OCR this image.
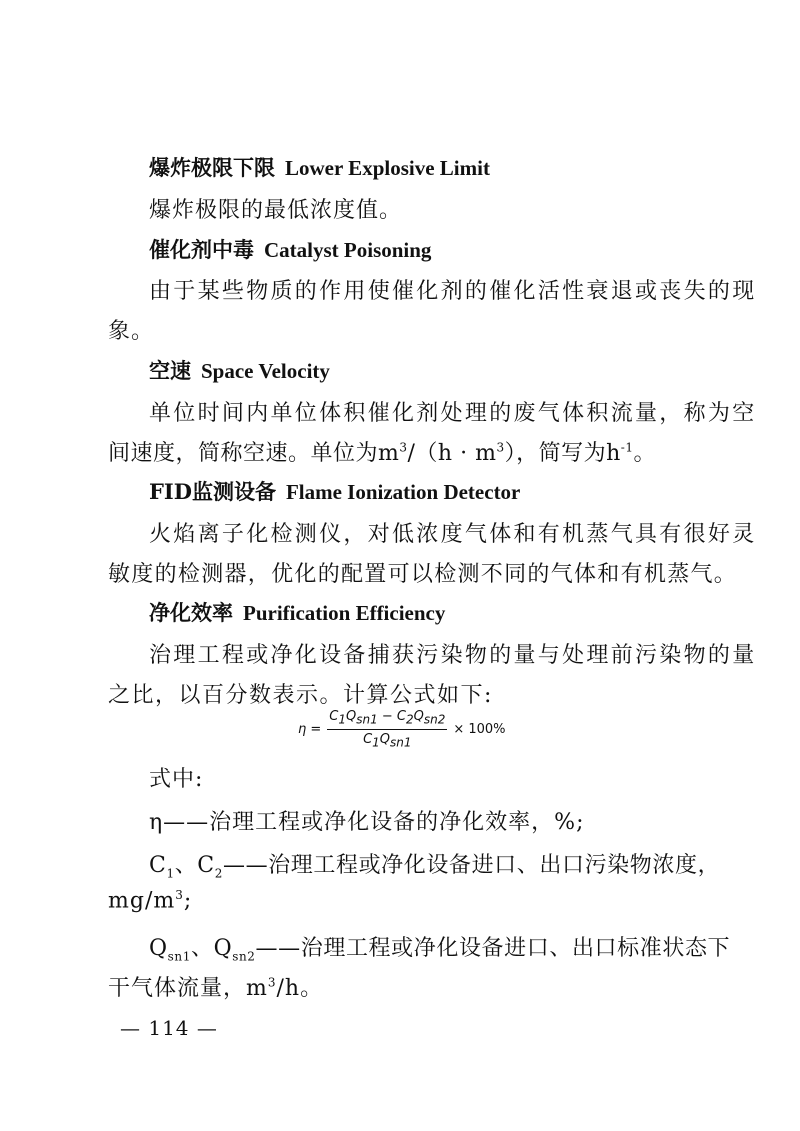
爆炸极限下限 Lower Explosive Limit
爆炸极限的最低浓度值。
催化剂中毒 Catalyst Poisoning
由于某些物质的作用使催化剂的催化活性衰退或丧失的现
象。
空速 Space Velocity
单位时间内单位体积催化剂处理的废气体积流量，称为空
间速度，简称空速。单位为$m^3/(h \cdot m^3)$，简写为$h^{-1}$。
FID监测设备 Flame Ionization Detector
火焰离子化检测仪，对低浓度气体和有机蒸气具有很好灵
敏度的检测器，优化的配置可以检测不同的气体和有机蒸气。
净化效率 Purification Efficiency
治理工程或净化设备捕获污染物的量与处理前污染物的量
之比，以百分数表示。计算公式如下:
$\eta = \frac{C_1Q_{sn1} - C_2Q_{sn2}}{C_1Q_{sn1}} \times 100\%$
式中:
η——治理工程或净化设备的净化效率，%;
$C_1$、$C_2——$治理工程或净化设备进口、出口污染物浓度，
$mg/m^3$;
$Q_{sn1}$、$Q_{sn2}——$治理工程或净化设备进口、出口标准状态下
干气体流量，$m^3/h$。
— 114 —
